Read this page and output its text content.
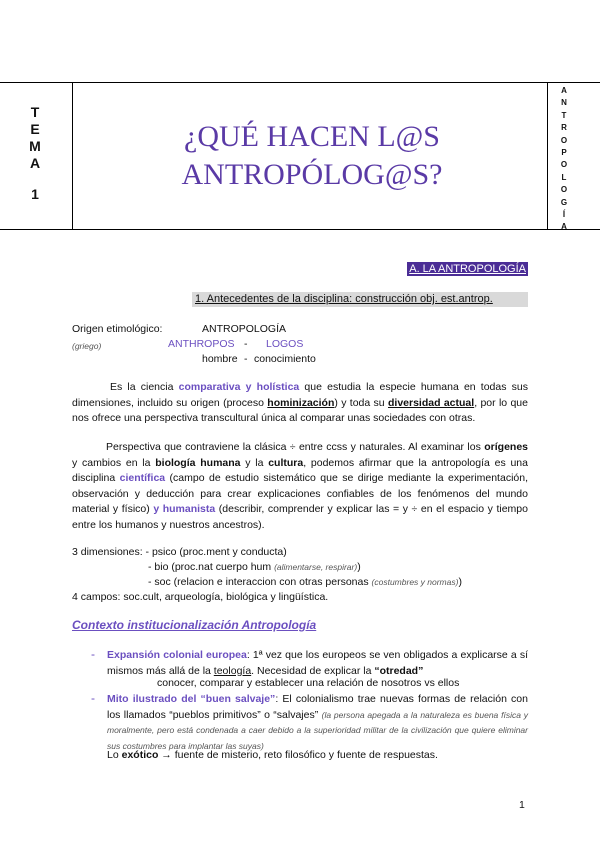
T
E
M
A
1
¿QUÉ HACEN L@S
ANTROPÓLOG@S?
A
N
T
R
O
P
O
L
O
G
Í
A
A. LA ANTROPOLOGÍA
1. Antecedentes de la disciplina: construcción obj. est.antrop.
Origen etimológico:	ANTROPOLOGÍA
(griego)	ANTHROPOS - LOGOS
hombre - conocimiento
Es la ciencia comparativa y holística que estudia la especie humana en todas sus dimensiones, incluido su origen (proceso hominización) y toda su diversidad actual, por lo que nos ofrece una perspectiva transcultural única al comparar unas sociedades con otras.
Perspectiva que contraviene la clásica ÷ entre ccss y naturales. Al examinar los orígenes y cambios en la biología humana y la cultura, podemos afirmar que la antropología es una disciplina científica (campo de estudio sistemático que se dirige mediante la experimentación, observación y deducción para crear explicaciones confiables de los fenómenos del mundo material y físico) y humanista (describir, comprender y explicar las = y ÷ en el espacio y tiempo entre los humanos y nuestros ancestros).
3 dimensiones: - psico (proc.ment y conducta)
- bio (proc.nat cuerpo hum (alimentarse, respirar))
- soc (relacion e interaccion con otras personas (costumbres y normas))
4 campos: soc.cult, arqueología, biológica y lingüística.
Contexto institucionalización Antropología
- Expansión colonial europea: 1ª vez que los europeos se ven obligados a explicarse a sí mismos más allá de la teología. Necesidad de explicar la “otredad”
conocer, comparar y establecer una relación de nosotros vs ellos
- Mito ilustrado del “buen salvaje”: El colonialismo trae nuevas formas de relación con los llamados “pueblos primitivos” o “salvajes” (la persona apegada a la naturaleza es buena física y moralmente, pero está condenada a caer debido a la superioridad militar de la civilización que quiere eliminar sus costumbres para implantar las suyas)
Lo exótico → fuente de misterio, reto filosófico y fuente de respuestas.
1
